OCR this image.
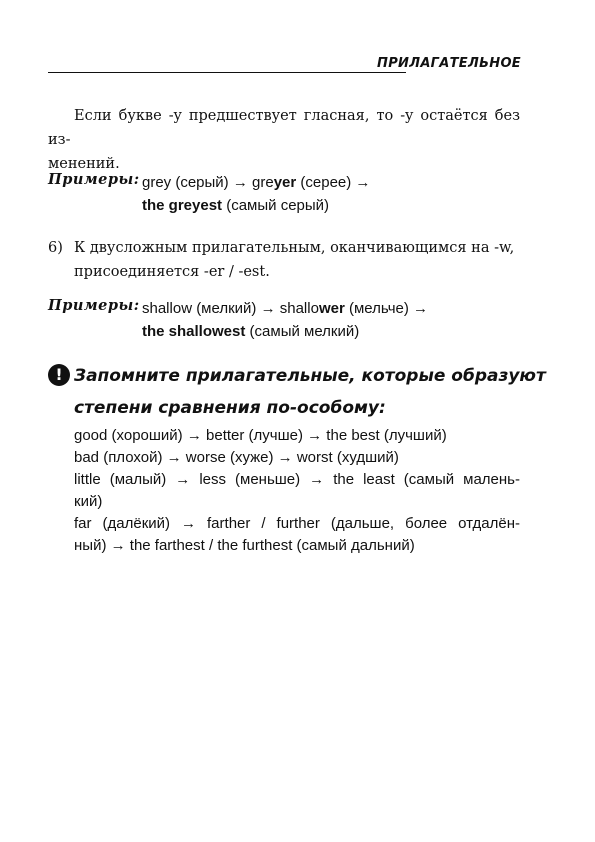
ПРИЛАГАТЕЛЬНОЕ
Если букве -y предшествует гласная, то -y остаётся без из-
менений.
Примеры: grey (серый) → greyer (серее) →
the greyest (самый серый)
6) К двусложным прилагательным, оканчивающимся на -w,
присоединяется -er / -est.
Примеры: shallow (мелкий) → shallower (мельче) →
the shallowest (самый мелкий)
! Запомните прилагательные, которые образуют
степени сравнения по-особому:
good (хороший) → better (лучше) → the best (лучший)
bad (плохой) → worse (хуже) → worst (худший)
little (малый) → less (меньше) → the least (самый малень-
кий)
far (далёкий) → farther / further (дальше, более отдалён-
ный) → the farthest / the furthest (самый дальний)
